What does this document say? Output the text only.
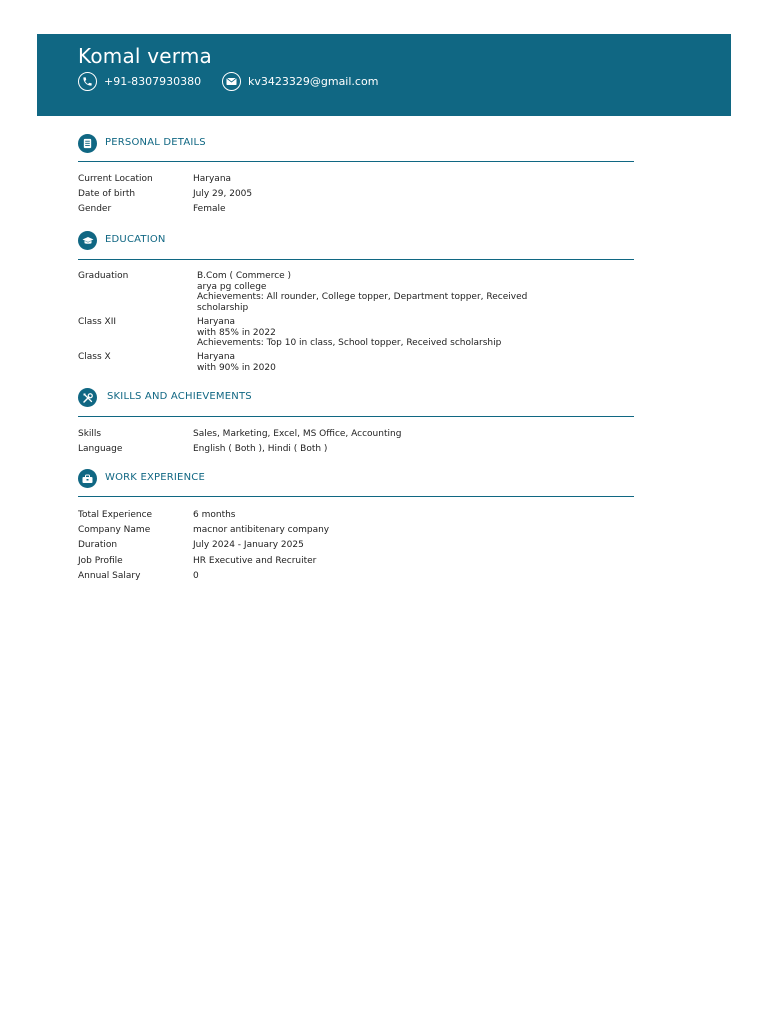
Komal verma
+91-8307930380	kv3423329@gmail.com
PERSONAL DETAILS
Current Location	Haryana
Date of birth	July 29, 2005
Gender	Female
EDUCATION
Graduation	B.Com ( Commerce )
arya pg college
Achievements: All rounder, College topper, Department topper, Received
scholarship
Class XII	Haryana
with 85% in 2022
Achievements: Top 10 in class, School topper, Received scholarship
Class X	Haryana
with 90% in 2020
SKILLS AND ACHIEVEMENTS
Skills	Sales, Marketing, Excel, MS Office, Accounting
Language	English ( Both ), Hindi ( Both )
WORK EXPERIENCE
Total Experience	6 months
Company Name	macnor antibitenary company
Duration	July 2024 - January 2025
Job Profile	HR Executive and Recruiter
Annual Salary	0
